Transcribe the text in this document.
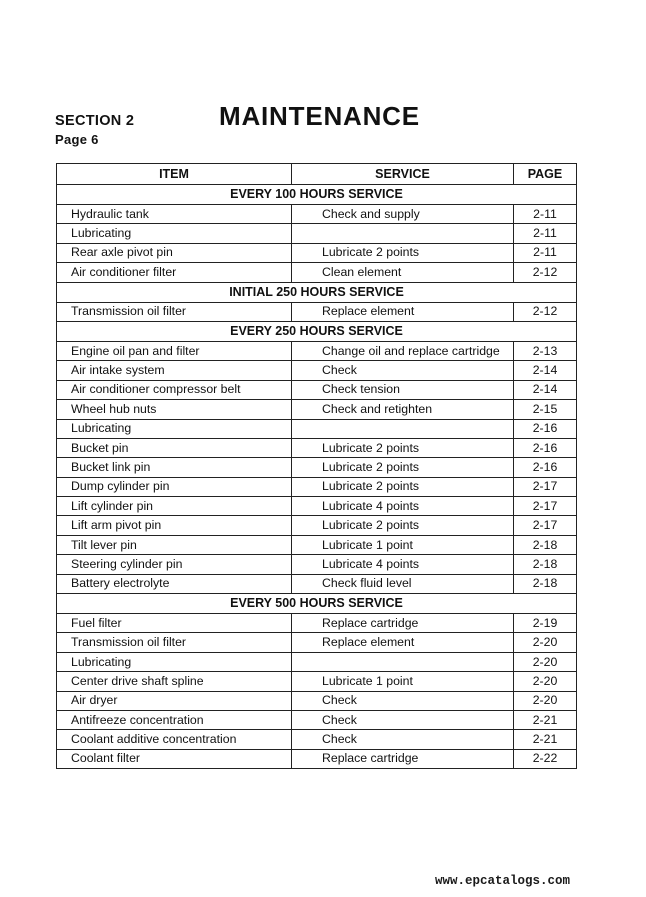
SECTION 2
Page 6
MAINTENANCE
ITEM	SERVICE	PAGE
EVERY 100 HOURS SERVICE		
Hydraulic tank	Check and supply	2-11
Lubricating		2-11
Rear axle pivot pin	Lubricate 2 points	2-11
Air conditioner filter	Clean element	2-12
INITIAL 250 HOURS SERVICE		
Transmission oil filter	Replace element	2-12
EVERY 250 HOURS SERVICE		
Engine oil pan and filter	Change oil and replace cartridge	2-13
Air intake system	Check	2-14
Air conditioner compressor belt	Check tension	2-14
Wheel hub nuts	Check and retighten	2-15
Lubricating		2-16
Bucket pin	Lubricate 2 points	2-16
Bucket link pin	Lubricate 2 points	2-16
Dump cylinder pin	Lubricate 2 points	2-17
Lift cylinder pin	Lubricate 4 points	2-17
Lift arm pivot pin	Lubricate 2 points	2-17
Tilt lever pin	Lubricate 1 point	2-18
Steering cylinder pin	Lubricate 4 points	2-18
Battery electrolyte	Check fluid level	2-18
EVERY 500 HOURS SERVICE		
Fuel filter	Replace cartridge	2-19
Transmission oil filter	Replace element	2-20
Lubricating		2-20
Center drive shaft spline	Lubricate 1 point	2-20
Air dryer	Check	2-20
Antifreeze concentration	Check	2-21
Coolant additive concentration	Check	2-21
Coolant filter	Replace cartridge	2-22
www.epcatalogs.com
